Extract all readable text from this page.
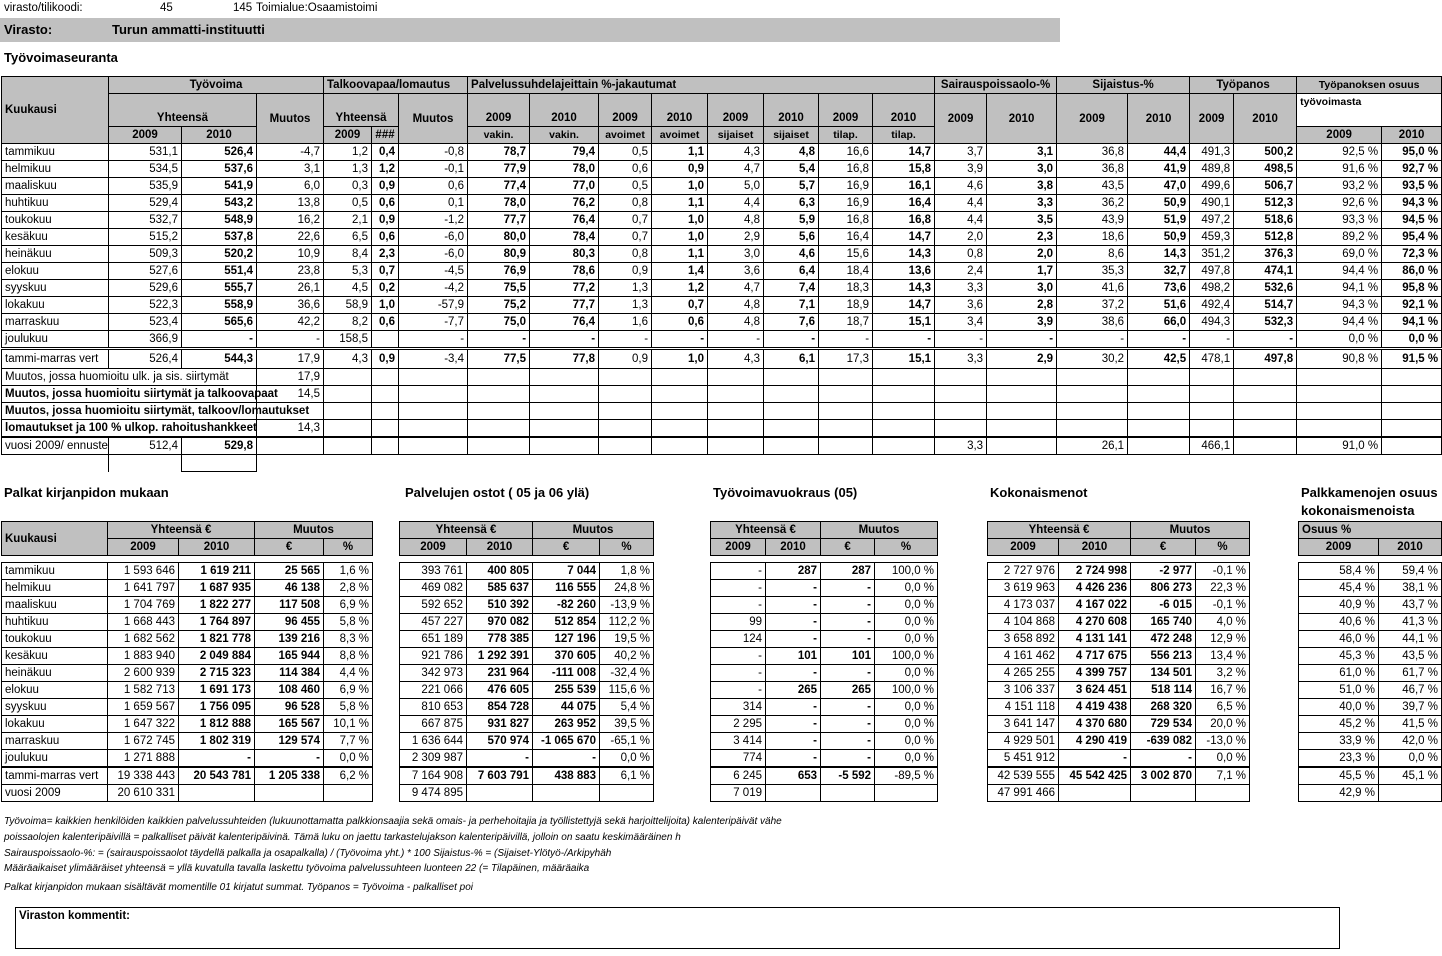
virasto/tilikoodi:	45	145 Toimialue:Osaamistoimi
Virasto:	Turun ammatti-instituutti
Työvoimaseuranta
Kuukausi	Työvoima			Talkoovapaa/lomautus			Palvelussuhdelajeittain %-jakautumat								Sairauspoissaolo-%		Sijaistus-%		Työpanos		Työpanoksen osuus	
	Yhteensä		Muutos	Yhteensä		Muutos	2009	2010	2009	2010	2009	2010	2009	2010	2009	2010	2009	2010	2009	2010	työvoimasta	
	2009	2010		2009	###		vakin.	vakin.	avoimet	avoimet	sijaiset	sijaiset	tilap.	tilap.							2009	2010
tammikuu	531,1	526,4	-4,7	1,2	0,4	-0,8	78,7	79,4	0,5	1,1	4,3	4,8	16,6	14,7	3,7	3,1	36,8	44,4	491,3	500,2	92,5 %	95,0 %
helmikuu	534,5	537,6	3,1	1,3	1,2	-0,1	77,9	78,0	0,6	0,9	4,7	5,4	16,8	15,8	3,9	3,0	36,8	41,9	489,8	498,5	91,6 %	92,7 %
maaliskuu	535,9	541,9	6,0	0,3	0,9	0,6	77,4	77,0	0,5	1,0	5,0	5,7	16,9	16,1	4,6	3,8	43,5	47,0	499,6	506,7	93,2 %	93,5 %
huhtikuu	529,4	543,2	13,8	0,5	0,6	0,1	78,0	76,2	0,8	1,1	4,4	6,3	16,9	16,4	4,4	3,3	36,2	50,9	490,1	512,3	92,6 %	94,3 %
toukokuu	532,7	548,9	16,2	2,1	0,9	-1,2	77,7	76,4	0,7	1,0	4,8	5,9	16,8	16,8	4,4	3,5	43,9	51,9	497,2	518,6	93,3 %	94,5 %
kesäkuu	515,2	537,8	22,6	6,5	0,6	-6,0	80,0	78,4	0,7	1,0	2,9	5,6	16,4	14,7	2,0	2,3	18,6	50,9	459,3	512,8	89,2 %	95,4 %
heinäkuu	509,3	520,2	10,9	8,4	2,3	-6,0	80,9	80,3	0,8	1,1	3,0	4,6	15,6	14,3	0,8	2,0	8,6	14,3	351,2	376,3	69,0 %	72,3 %
elokuu	527,6	551,4	23,8	5,3	0,7	-4,5	76,9	78,6	0,9	1,4	3,6	6,4	18,4	13,6	2,4	1,7	35,3	32,7	497,8	474,1	94,4 %	86,0 %
syyskuu	529,6	555,7	26,1	4,5	0,2	-4,2	75,5	77,2	1,3	1,2	4,7	7,4	18,3	14,3	3,3	3,0	41,6	73,6	498,2	532,6	94,1 %	95,8 %
lokakuu	522,3	558,9	36,6	58,9	1,0	-57,9	75,2	77,7	1,3	0,7	4,8	7,1	18,9	14,7	3,6	2,8	37,2	51,6	492,4	514,7	94,3 %	92,1 %
marraskuu	523,4	565,6	42,2	8,2	0,6	-7,7	75,0	76,4	1,6	0,6	4,8	7,6	18,7	15,1	3,4	3,9	38,6	66,0	494,3	532,3	94,4 %	94,1 %
joulukuu	366,9	-	-	158,5		-	-	-	-	-	-	-	-	-	-	-	-	-	-	-	0,0 %	0,0 %
tammi-marras vert	526,4	544,3	17,9	4,3	0,9	-3,4	77,5	77,8	0,9	1,0	4,3	6,1	17,3	15,1	3,3	2,9	30,2	42,5	478,1	497,8	90,8 %	91,5 %
Muutos, jossa huomioitu ulk. ja sis. siirtymät			17,9																			
Muutos, jossa huomioitu siirtymät ja talkoovapaat			14,5																			
Muutos, jossa huomioitu siirtymät, talkoov/lomautukset																						
lomautukset ja 100 % ulkop. rahoitushankkeet			14,3																			
vuosi 2009/ ennuste	512,4	529,8													3,3		26,1		466,1		91,0 %	

Palkat kirjanpidon mukaan	Palvelujen ostot ( 05 ja 06 ylä)	Työvoimavuokraus (05)	Kokonaismenot	Palkkamenojen osuus
kokonaismenoista
Kuukausi	Yhteensä €		Muutos	
	2009	2010	€	%

tammikuu	1 593 646	1 619 211	25 565	1,6 %
helmikuu	1 641 797	1 687 935	46 138	2,8 %
maaliskuu	1 704 769	1 822 277	117 508	6,9 %
huhtikuu	1 668 443	1 764 897	96 455	5,8 %
toukokuu	1 682 562	1 821 778	139 216	8,3 %
kesäkuu	1 883 940	2 049 884	165 944	8,8 %
heinäkuu	2 600 939	2 715 323	114 384	4,4 %
elokuu	1 582 713	1 691 173	108 460	6,9 %
syyskuu	1 659 567	1 756 095	96 528	5,8 %
lokakuu	1 647 322	1 812 888	165 567	10,1 %
marraskuu	1 672 745	1 802 319	129 574	7,7 %
joulukuu	1 271 888	-	-	0,0 %
tammi-marras vert	19 338 443	20 543 781	1 205 338	6,2 %
vuosi 2009	20 610 331			
Yhteensä €		Muutos	
2009	2010	€	%

393 761	400 805	7 044	1,8 %
469 082	585 637	116 555	24,8 %
592 652	510 392	-82 260	-13,9 %
457 227	970 082	512 854	112,2 %
651 189	778 385	127 196	19,5 %
921 786	1 292 391	370 605	40,2 %
342 973	231 964	-111 008	-32,4 %
221 066	476 605	255 539	115,6 %
810 653	854 728	44 075	5,4 %
667 875	931 827	263 952	39,5 %
1 636 644	570 974	-1 065 670	-65,1 %
2 309 987	-	-	0,0 %
7 164 908	7 603 791	438 883	6,1 %
9 474 895			
Yhteensä €		Muutos	
2009	2010	€	%

-	287	287	100,0 %
-	-	-	0,0 %
-	-	-	0,0 %
99	-	-	0,0 %
124	-	-	0,0 %
-	101	101	100,0 %
-	-	-	0,0 %
-	265	265	100,0 %
314	-	-	0,0 %
2 295	-	-	0,0 %
3 414	-	-	0,0 %
774	-	-	0,0 %
6 245	653	-5 592	-89,5 %
7 019			
Yhteensä €		Muutos	
2009	2010	€	%

2 727 976	2 724 998	-2 977	-0,1 %
3 619 963	4 426 236	806 273	22,3 %
4 173 037	4 167 022	-6 015	-0,1 %
4 104 868	4 270 608	165 740	4,0 %
3 658 892	4 131 141	472 248	12,9 %
4 161 462	4 717 675	556 213	13,4 %
4 265 255	4 399 757	134 501	3,2 %
3 106 337	3 624 451	518 114	16,7 %
4 151 118	4 419 438	268 320	6,5 %
3 641 147	4 370 680	729 534	20,0 %
4 929 501	4 290 419	-639 082	-13,0 %
5 451 912	-	-	0,0 %
42 539 555	45 542 425	3 002 870	7,1 %
47 991 466			
Osuus %	
2009	2010

58,4 %	59,4 %
45,4 %	38,1 %
40,9 %	43,7 %
40,6 %	41,3 %
46,0 %	44,1 %
45,3 %	43,5 %
61,0 %	61,7 %
51,0 %	46,7 %
40,0 %	39,7 %
45,2 %	41,5 %
33,9 %	42,0 %
23,3 %	0,0 %
45,5 %	45,1 %
42,9 %	
Työvoima= kaikkien henkilöiden kaikkien palvelussuhteiden (lukuunottamatta palkkionsaajia sekä omais- ja perhehoitajia ja työllistettyjä sekä harjoittelijoita) kalenteripäivät vähe
poissaolojen kalenteripäivillä = palkalliset päivät kalenteripäivinä. Tämä luku on jaettu tarkastelujakson kalenteripäivillä, jolloin on saatu keskimääräinen h
Sairauspoissaolo-%: = (sairauspoissaolot täydellä palkalla ja osapalkalla) / (Työvoima yht.) * 100 Sijaistus-% = (Sijaiset-Ylötyö-/Arkipyhäh
Määräaikaiset ylimääräiset yhteensä = yllä kuvatulla tavalla laskettu työvoima palvelussuhteen luonteen 22 (= Tilapäinen, määräaika
Palkat kirjanpidon mukaan sisältävät momentille 01 kirjatut summat. Työpanos = Työvoima - palkalliset poi
Viraston kommentit:
